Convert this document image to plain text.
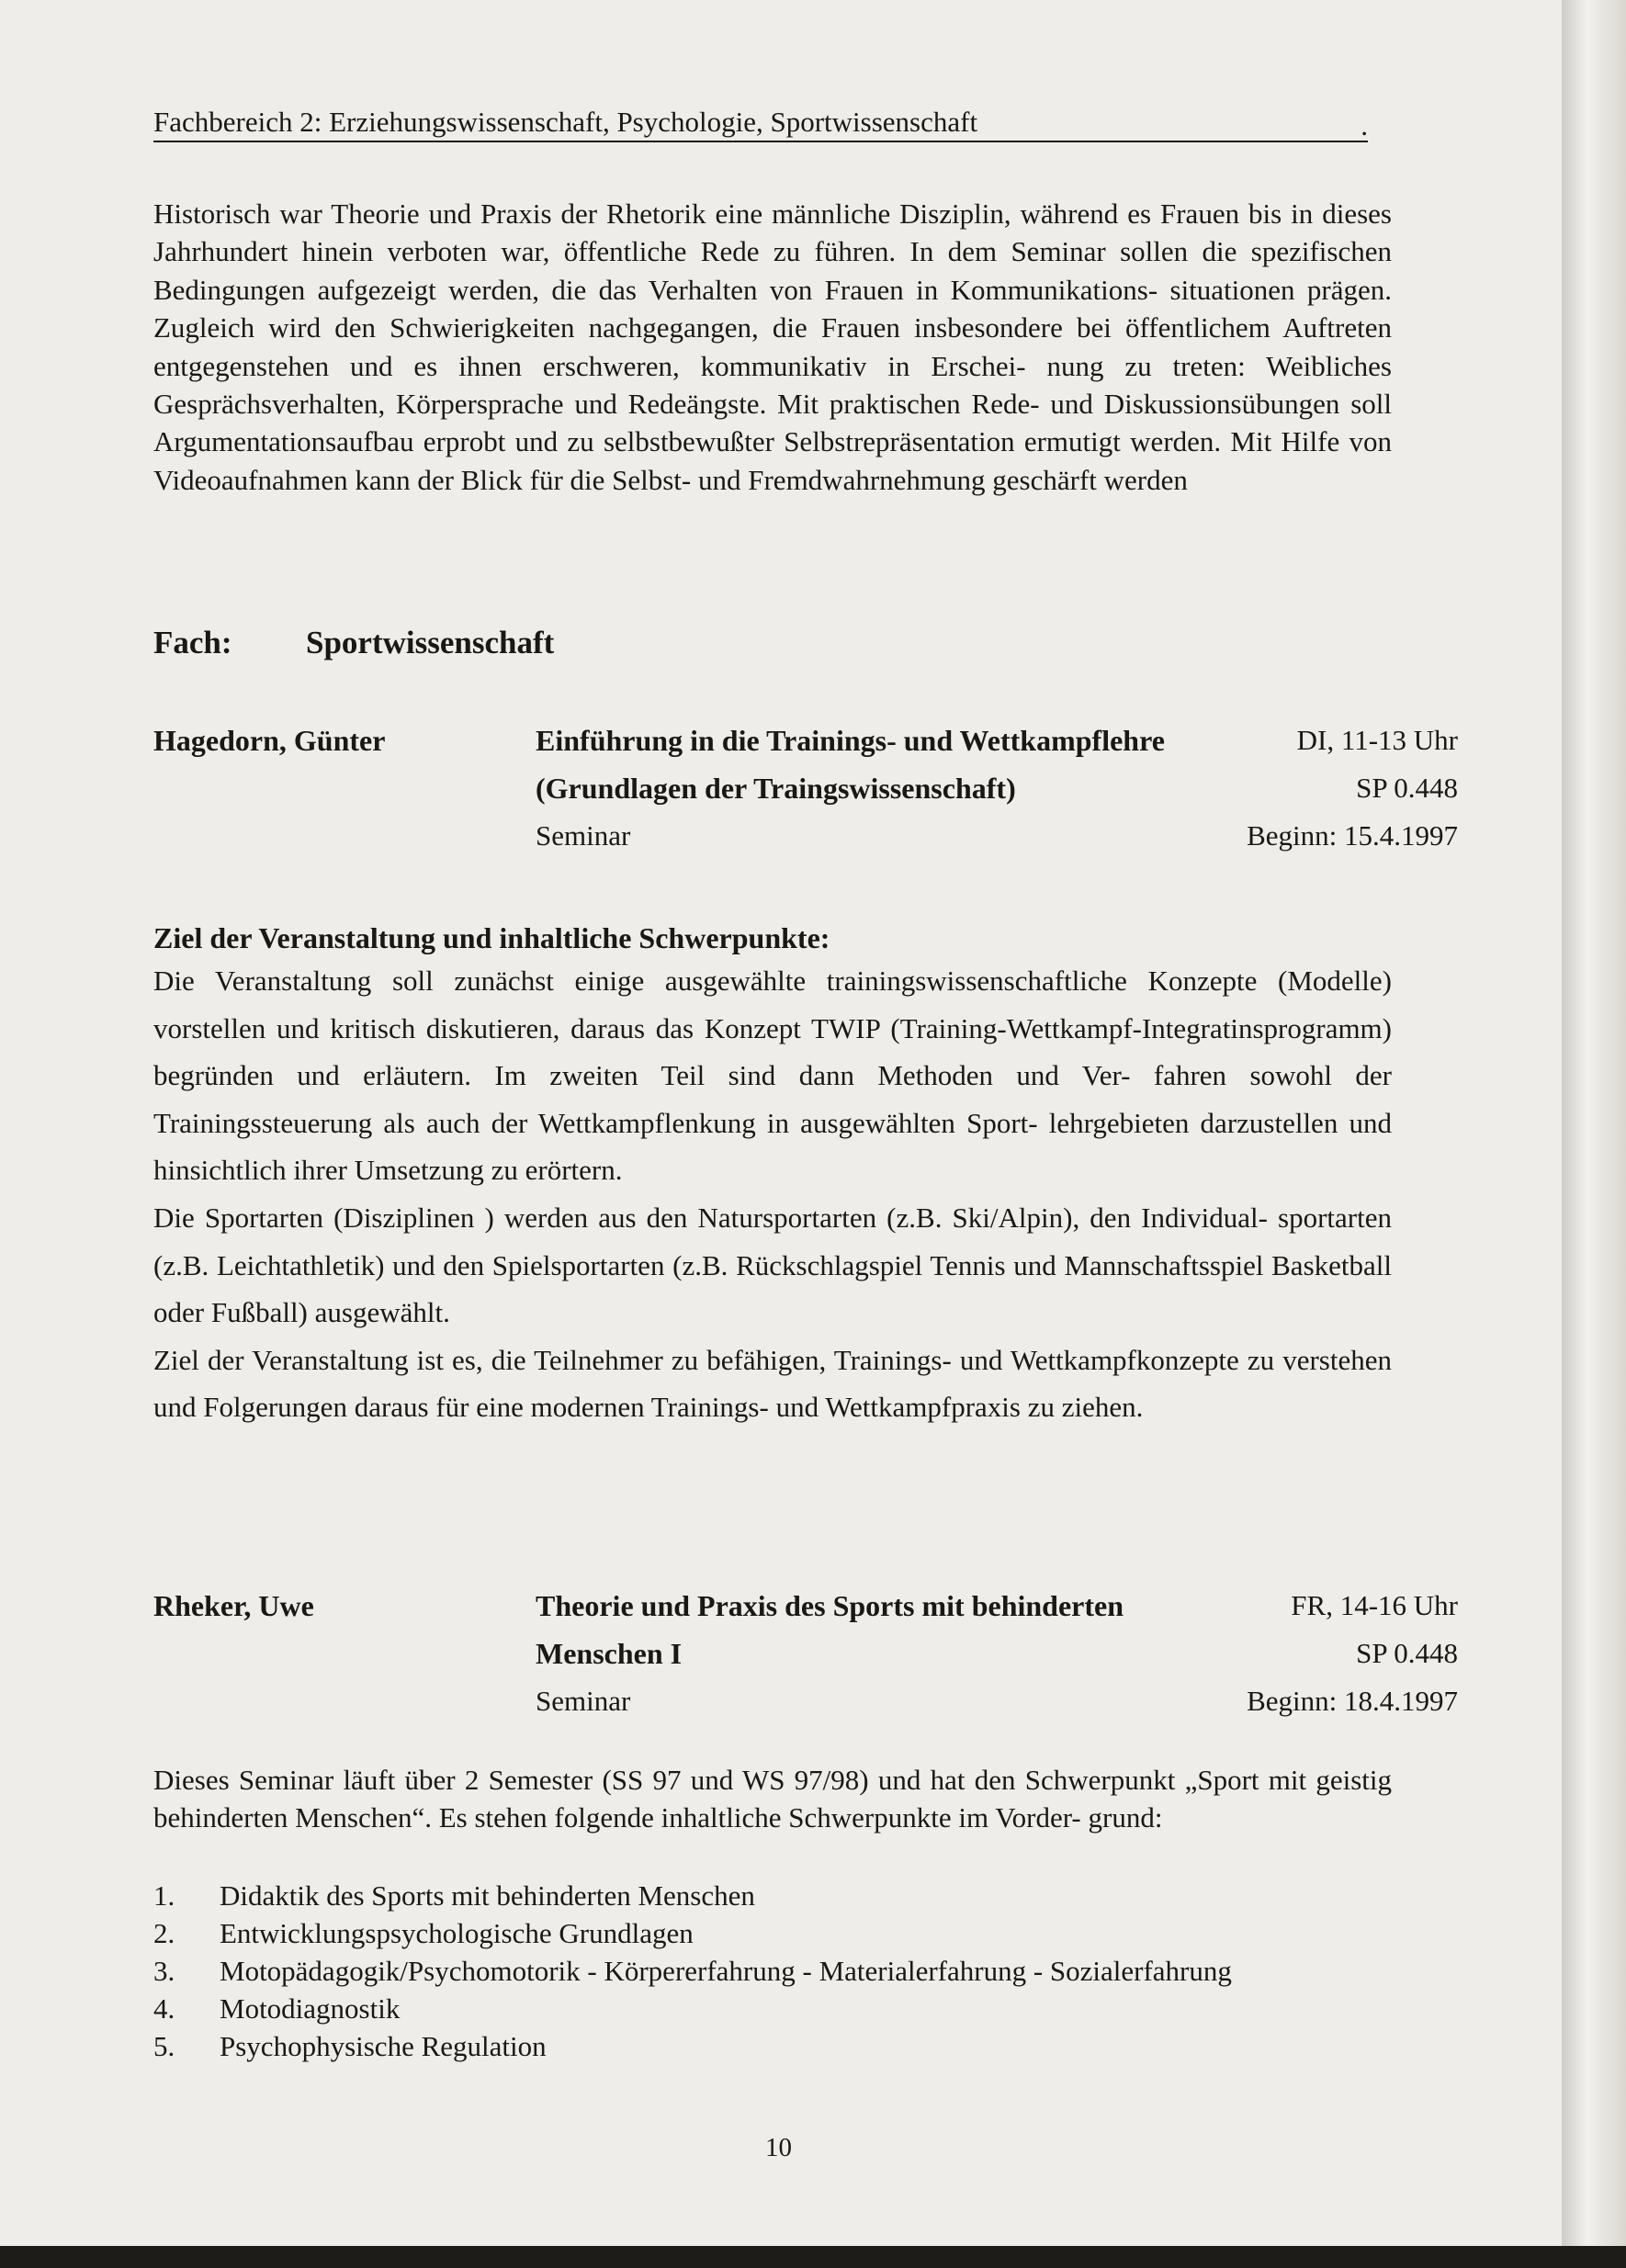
Fachbereich 2: Erziehungswissenschaft, Psychologie, Sportwissenschaft	.
Historisch war Theorie und Praxis der Rhetorik eine männliche Disziplin, während es Frauen bis in dieses Jahrhundert hinein verboten war, öffentliche Rede zu führen. In dem Seminar sollen die spezifischen Bedingungen aufgezeigt werden, die das Verhalten von Frauen in Kommunikations- situationen prägen. Zugleich wird den Schwierigkeiten nachgegangen, die Frauen insbesondere bei öffentlichem Auftreten entgegenstehen und es ihnen erschweren, kommunikativ in Erschei- nung zu treten: Weibliches Gesprächsverhalten, Körpersprache und Redeängste. Mit praktischen Rede- und Diskussionsübungen soll Argumentationsaufbau erprobt und zu selbstbewußter Selbstrepräsentation ermutigt werden. Mit Hilfe von Videoaufnahmen kann der Blick für die Selbst- und Fremdwahrnehmung geschärft werden
Fach: Sportwissenschaft
Hagedorn, Günter	Einführung in die Trainings- und Wettkampflehre	DI, 11-13 Uhr
(Grundlagen der Traingswissenschaft)	SP 0.448
Seminar	Beginn: 15.4.1997
Ziel der Veranstaltung und inhaltliche Schwerpunkte:
Die Veranstaltung soll zunächst einige ausgewählte trainingswissenschaftliche Konzepte (Modelle) vorstellen und kritisch diskutieren, daraus das Konzept TWIP (Training-Wettkampf-Integratinsprogramm) begründen und erläutern. Im zweiten Teil sind dann Methoden und Ver- fahren sowohl der Trainingssteuerung als auch der Wettkampflenkung in ausgewählten Sport- lehrgebieten darzustellen und hinsichtlich ihrer Umsetzung zu erörtern.
Die Sportarten (Disziplinen ) werden aus den Natursportarten (z.B. Ski/Alpin), den Individual- sportarten (z.B. Leichtathletik) und den Spielsportarten (z.B. Rückschlagspiel Tennis und Mannschaftsspiel Basketball oder Fußball) ausgewählt.
Ziel der Veranstaltung ist es, die Teilnehmer zu befähigen, Trainings- und Wettkampfkonzepte zu verstehen und Folgerungen daraus für eine modernen Trainings- und Wettkampfpraxis zu ziehen.
Rheker, Uwe	Theorie und Praxis des Sports mit behinderten	FR, 14-16 Uhr
Menschen I	SP 0.448
Seminar	Beginn: 18.4.1997
Dieses Seminar läuft über 2 Semester (SS 97 und WS 97/98) und hat den Schwerpunkt „Sport mit geistig behinderten Menschen“. Es stehen folgende inhaltliche Schwerpunkte im Vorder- grund:
1. Didaktik des Sports mit behinderten Menschen
2. Entwicklungspsychologische Grundlagen
3. Motopädagogik/Psychomotorik - Körpererfahrung - Materialerfahrung - Sozialerfahrung
4. Motodiagnostik
5. Psychophysische Regulation
10
